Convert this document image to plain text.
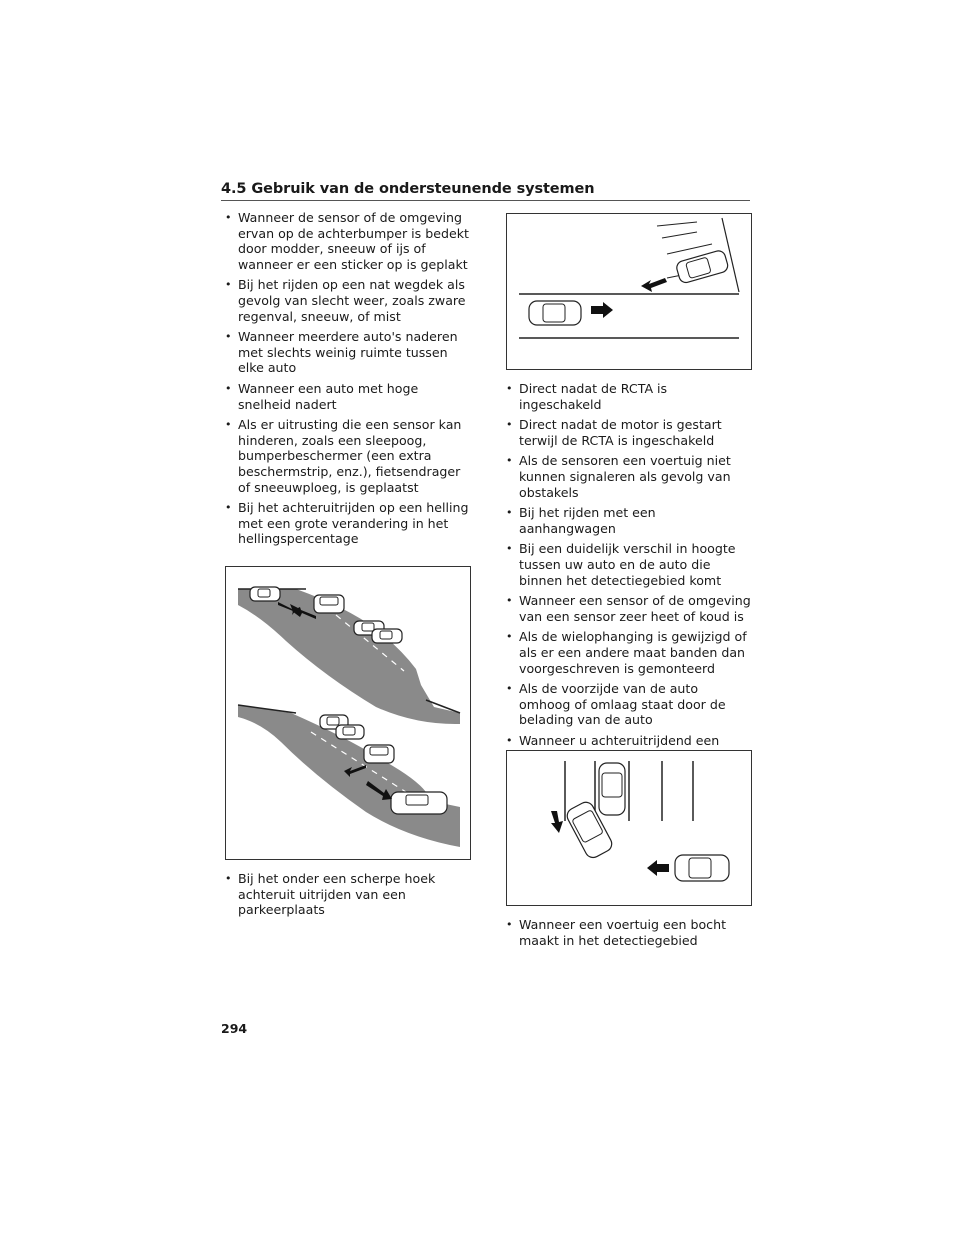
4.5 Gebruik van de ondersteunende systemen
• Wanneer de sensor of de omgeving ervan op de achterbumper is bedekt door modder, sneeuw of ijs of wanneer er een sticker op is geplakt
• Bij het rijden op een nat wegdek als gevolg van slecht weer, zoals zware regenval, sneeuw, of mist
• Wanneer meerdere auto's naderen met slechts weinig ruimte tussen elke auto
• Wanneer een auto met hoge snelheid nadert
• Als er uitrusting die een sensor kan hinderen, zoals een sleepoog, bumperbeschermer (een extra beschermstrip, enz.), fietsendrager of sneeuwploeg, is geplaatst
• Bij het achteruitrijden op een helling met een grote verandering in het hellingspercentage
• Bij het onder een scherpe hoek achteruit uitrijden van een parkeerplaats
• Direct nadat de RCTA is ingeschakeld
• Direct nadat de motor is gestart terwijl de RCTA is ingeschakeld
• Als de sensoren een voertuig niet kunnen signaleren als gevolg van obstakels
• Bij het rijden met een aanhangwagen
• Bij een duidelijk verschil in hoogte tussen uw auto en de auto die binnen het detectiegebied komt
• Wanneer een sensor of de omgeving van een sensor zeer heet of koud is
• Als de wielophanging is gewijzigd of als er een andere maat banden dan voorgeschreven is gemonteerd
• Als de voorzijde van de auto omhoog of omlaag staat door de belading van de auto
• Wanneer u achteruitrijdend een
• Wanneer een voertuig een bocht maakt in het detectiegebied
294
